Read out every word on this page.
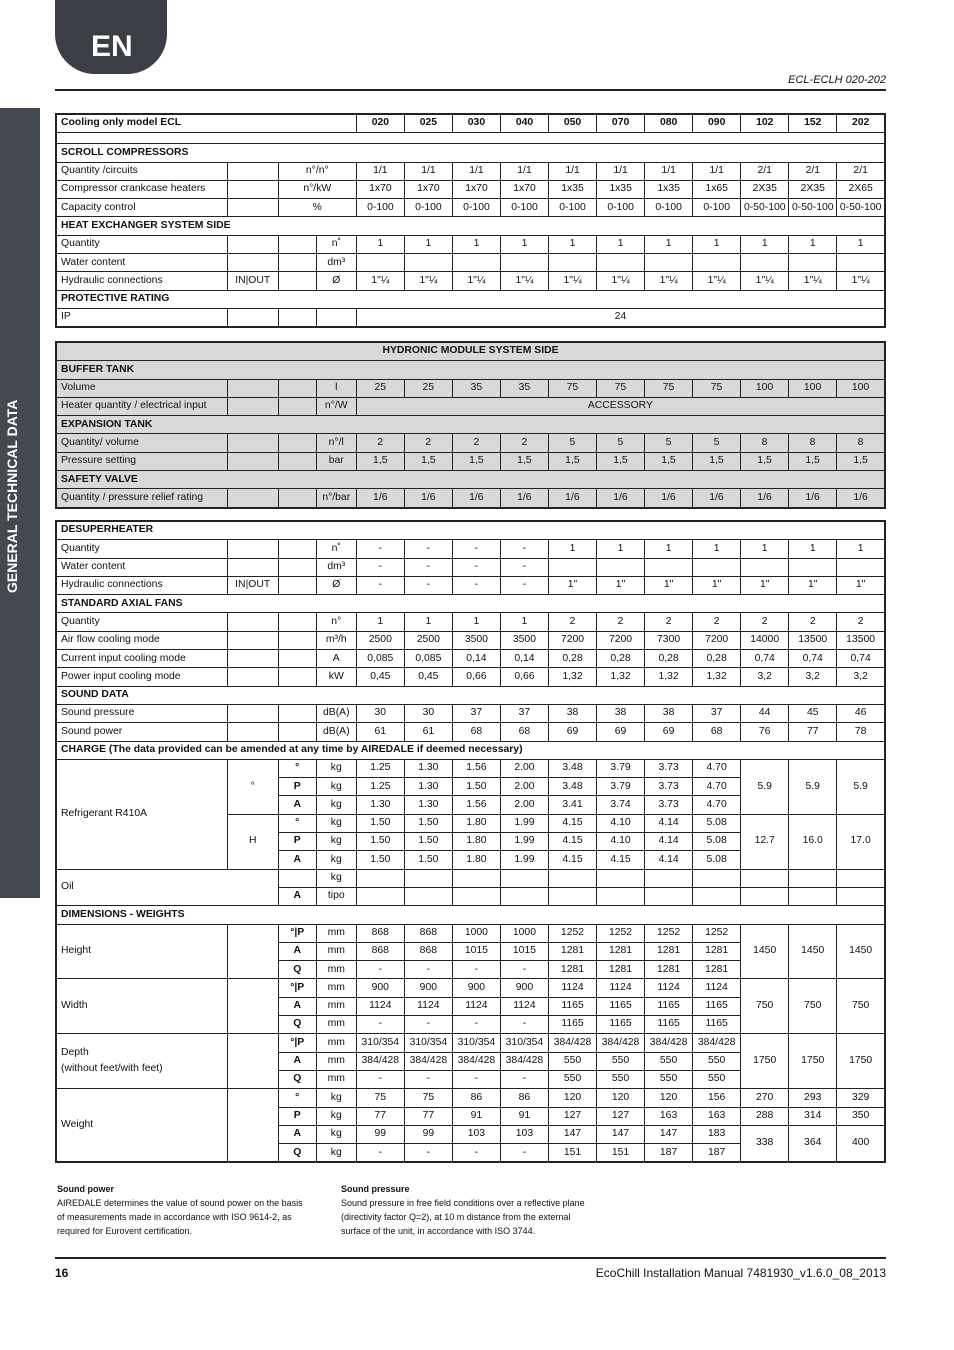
EN
ECL-ECLH 020-202
GENERAL TECHNICAL DATA
Cooling only model ECL				020	025	030	040	050	070	080	090	102	152	202

SCROLL COMPRESSORS														
Quantity /circuits		n°/n°		1/1	1/1	1/1	1/1	1/1	1/1	1/1	1/1	2/1	2/1	2/1
Compressor crankcase heaters		n°/kW		1x70	1x70	1x70	1x70	1x35	1x35	1x35	1x65	2X35	2X35	2X65
Capacity control		%		0-100	0-100	0-100	0-100	0-100	0-100	0-100	0-100	0-50-100	0-50-100	0-50-100
HEAT EXCHANGER SYSTEM SIDE														
Quantity			n˚	1	1	1	1	1	1	1	1	1	1	1
Water content			dm³											
Hydraulic connections	IN|OUT		Ø	1"¼	1"¼	1"¼	1"¼	1"¼	1"¼	1"¼	1"¼	1"¼	1"¼	1"¼
PROTECTIVE RATING														
IP				24										
HYDRONIC MODULE SYSTEM SIDE														
BUFFER TANK														
Volume			l	25	25	35	35	75	75	75	75	100	100	100
Heater quantity / electrical input			n°/W	ACCESSORY										
EXPANSION TANK														
Quantity/ volume			n°/l	2	2	2	2	5	5	5	5	8	8	8
Pressure setting			bar	1,5	1,5	1,5	1,5	1,5	1,5	1,5	1,5	1,5	1,5	1,5
SAFETY VALVE														
Quantity / pressure relief rating			n°/bar	1/6	1/6	1/6	1/6	1/6	1/6	1/6	1/6	1/6	1/6	1/6
DESUPERHEATER														
Quantity			n˚	-	-	-	-	1	1	1	1	1	1	1
Water content			dm³	-	-	-	-							
Hydraulic connections	IN|OUT		Ø	-	-	-	-	1"	1"	1"	1"	1"	1"	1"
STANDARD AXIAL FANS														
Quantity			n°	1	1	1	1	2	2	2	2	2	2	2
Air flow cooling mode			m³/h	2500	2500	3500	3500	7200	7200	7300	7200	14000	13500	13500
Current input cooling mode			A	0,085	0,085	0,14	0,14	0,28	0,28	0,28	0,28	0,74	0,74	0,74
Power input cooling mode			kW	0,45	0,45	0,66	0,66	1,32	1,32	1,32	1,32	3,2	3,2	3,2
SOUND DATA														
Sound pressure			dB(A)	30	30	37	37	38	38	38	37	44	45	46
Sound power			dB(A)	61	61	68	68	69	69	69	68	76	77	78
CHARGE (The data provided can be amended at any time by AIREDALE if deemed necessary)														
Refrigerant R410A	°	°	kg	1.25	1.30	1.56	2.00	3.48	3.79	3.73	4.70	5.9	5.9	5.9
		P	kg	1.25	1.30	1.50	2.00	3.48	3.79	3.73	4.70			
		A	kg	1.30	1.30	1.56	2.00	3.41	3.74	3.73	4.70			
	H	°	kg	1.50	1.50	1.80	1.99	4.15	4.10	4.14	5.08	12.7	16.0	17.0
		P	kg	1.50	1.50	1.80	1.99	4.15	4.10	4.14	5.08			
		A	kg	1.50	1.50	1.80	1.99	4.15	4.15	4.14	5.08			
Oil			kg											
		A	tipo											
DIMENSIONS - WEIGHTS														

Height		°|P	mm	868	868	1000	1000	1252	1252	1252	1252	1450	1450	1450
		A	mm	868	868	1015	1015	1281	1281	1281	1281			
		Q	mm	-	-	-	-	1281	1281	1281	1281			

Width		°|P	mm	900	900	900	900	1124	1124	1124	1124	750	750	750
		A	mm	1124	1124	1124	1124	1165	1165	1165	1165			
		Q	mm	-	-	-	-	1165	1165	1165	1165			

Depth
(without feet/with feet)		°|P	mm	310/354	310/354	310/354	310/354	384/428	384/428	384/428	384/428	1750	1750	1750
		A	mm	384/428	384/428	384/428	384/428	550	550	550	550			
		Q	mm	-	-	-	-	550	550	550	550			
Weight		°	kg	75	75	86	86	120	120	120	156	270	293	329
		P	kg	77	77	91	91	127	127	163	163	288	314	350
		A	kg	99	99	103	103	147	147	147	183	338	364	400
		Q	kg	-	-	-	-	151	151	187	187			
Sound power
AIREDALE determines the value of sound power on the basis
of measurements made in accordance with ISO 9614-2, as
required for Eurovent certification.
Sound pressure
Sound pressure in free field conditions over a reflective plane
(directivity factor Q=2), at 10 m distance from the external
surface of the unit, in accordance with ISO 3744.
16	EcoChill Installation Manual 7481930_v1.6.0_08_2013
